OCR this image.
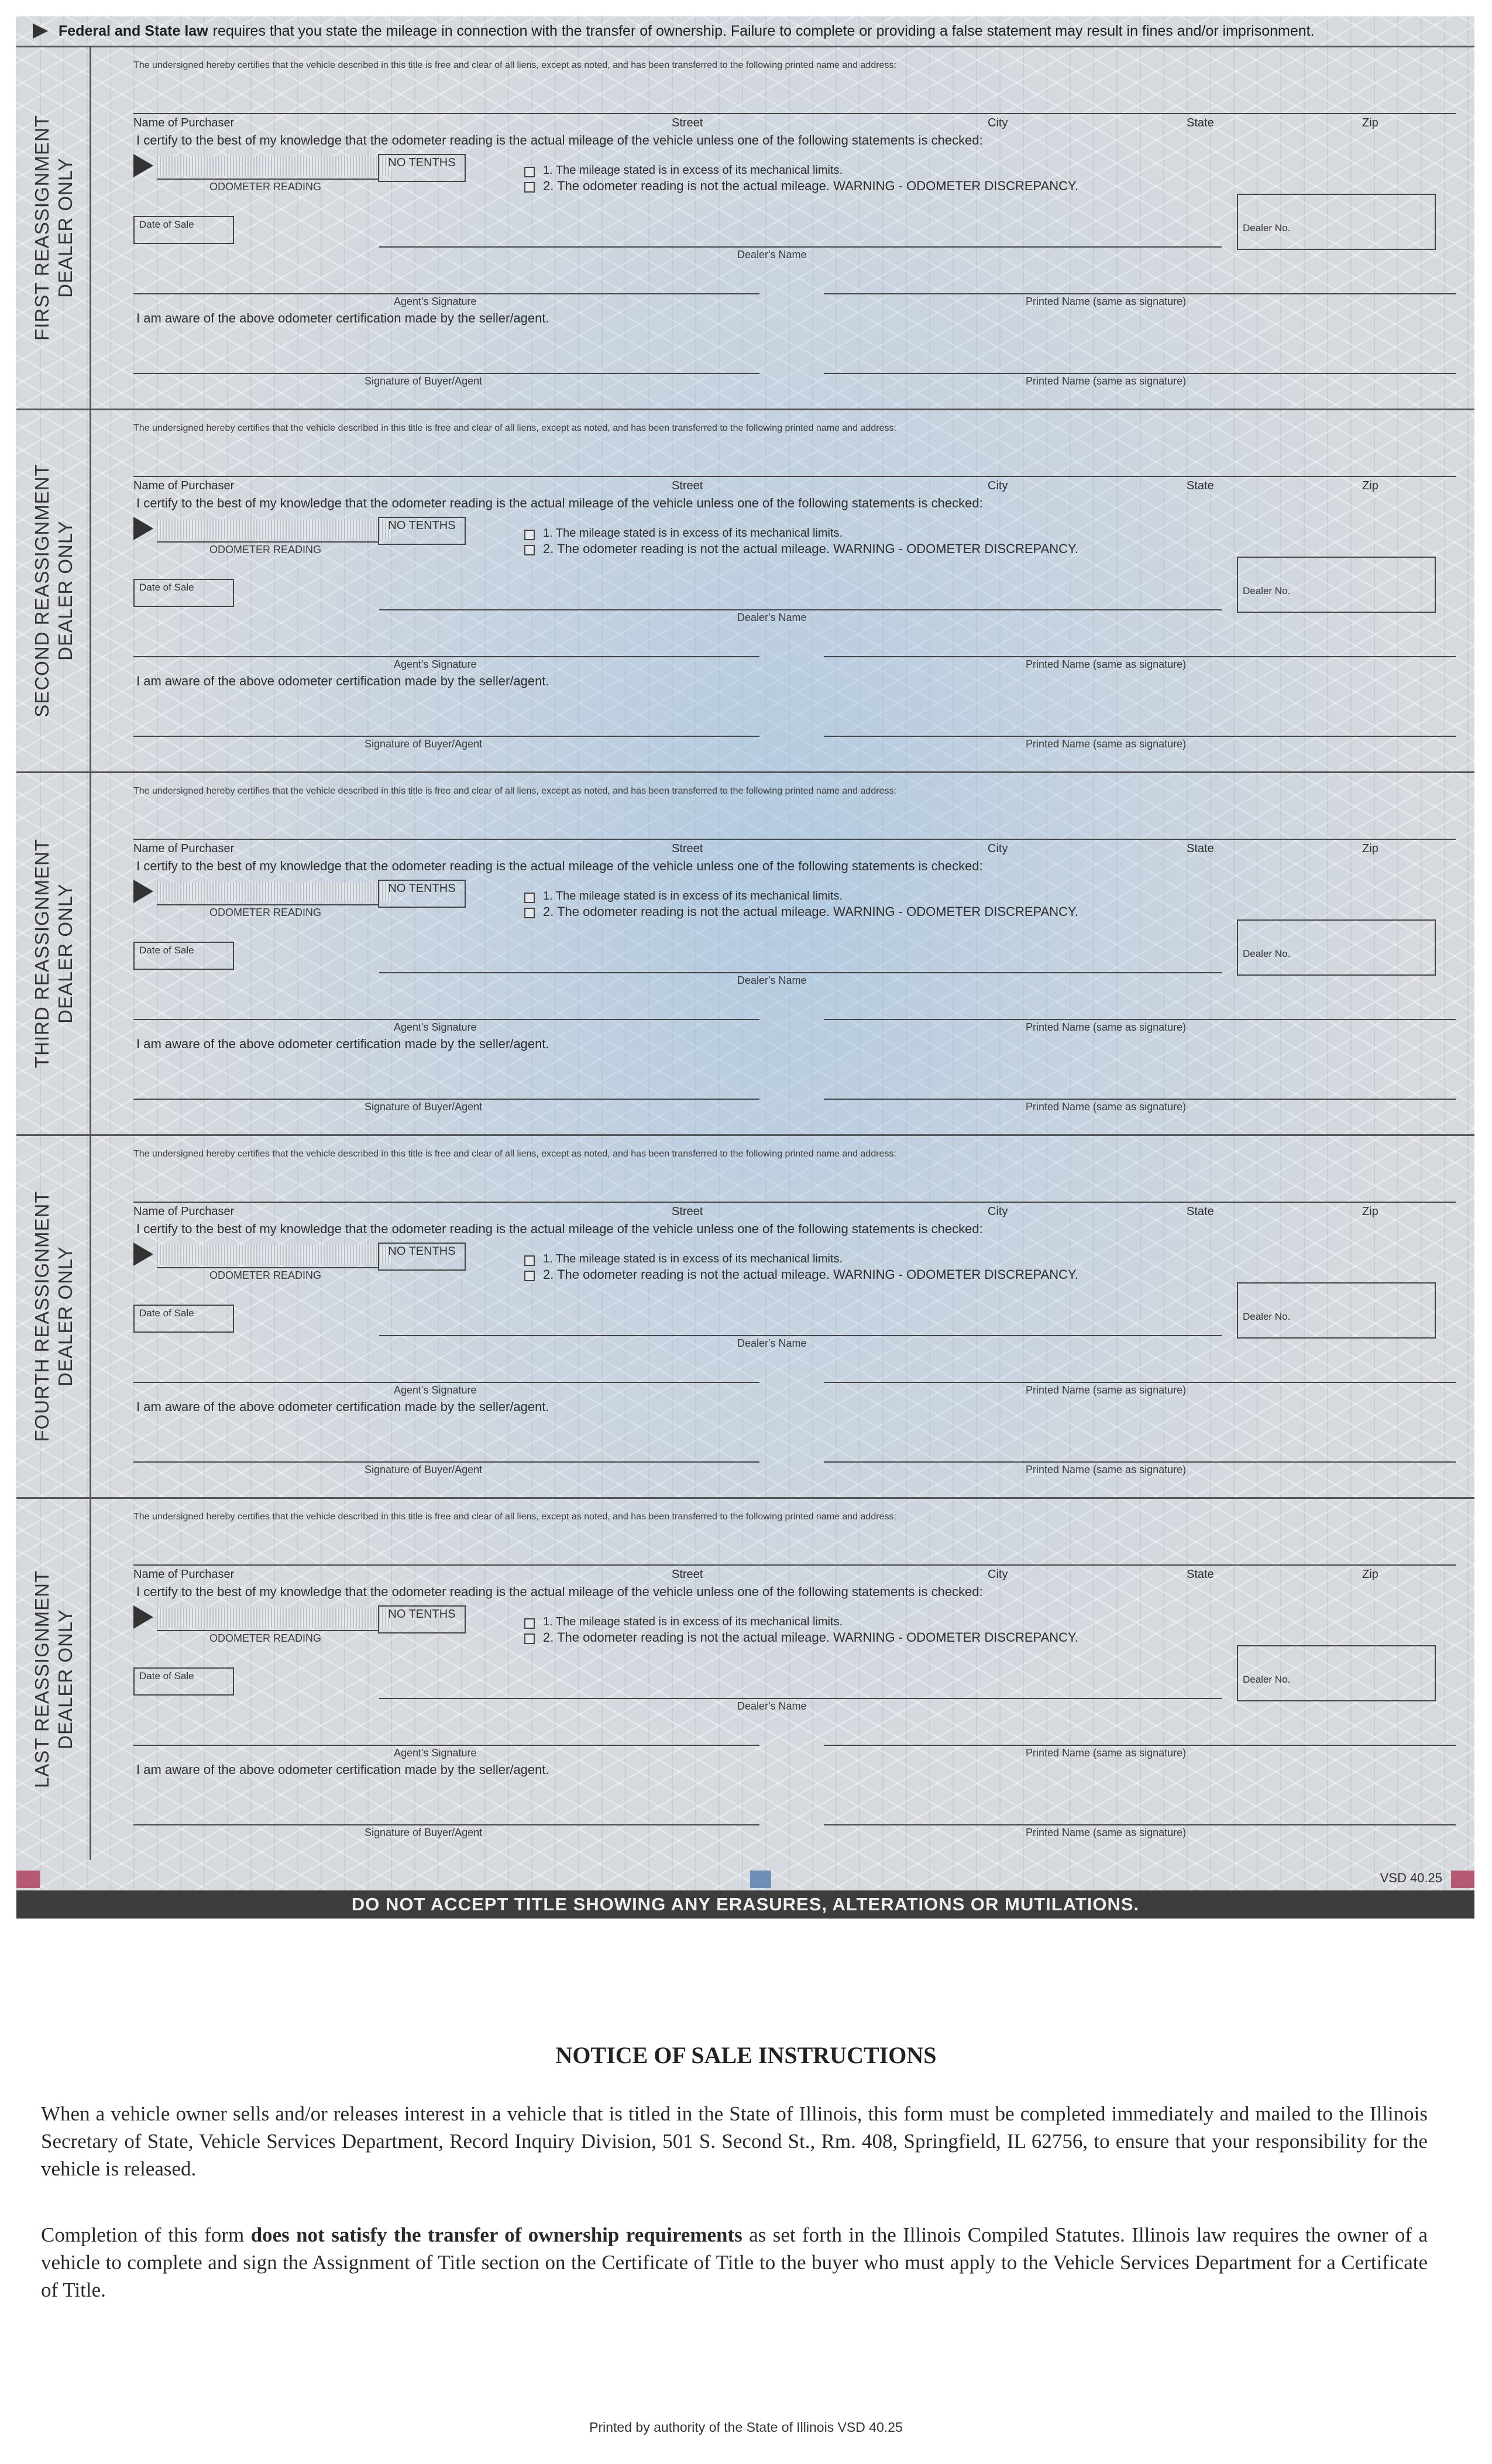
Federal and State law requires that you state the mileage in connection with the transfer of ownership. Failure to complete or providing a false statement may result in fines and/or imprisonment.
FIRST REASSIGNMENT DEALER ONLY
The undersigned hereby certifies that the vehicle described in this title is free and clear of all liens, except as noted, and has been transferred to the following printed name and address:
Name of Purchaser	Street	City	State	Zip
I certify to the best of my knowledge that the odometer reading is the actual mileage of the vehicle unless one of the following statements is checked:
NO TENTHS
ODOMETER READING
1. The mileage stated is in excess of its mechanical limits.
2. The odometer reading is not the actual mileage. WARNING - ODOMETER DISCREPANCY.
Date of Sale
Dealer's Name
Dealer No.
Agent's Signature	Printed Name (same as signature)
I am aware of the above odometer certification made by the seller/agent.
Signature of Buyer/Agent	Printed Name (same as signature)
SECOND REASSIGNMENT DEALER ONLY
The undersigned hereby certifies that the vehicle described in this title is free and clear of all liens, except as noted, and has been transferred to the following printed name and address:
Name of Purchaser	Street	City	State	Zip
I certify to the best of my knowledge that the odometer reading is the actual mileage of the vehicle unless one of the following statements is checked:
NO TENTHS
ODOMETER READING
1. The mileage stated is in excess of its mechanical limits.
2. The odometer reading is not the actual mileage. WARNING - ODOMETER DISCREPANCY.
Date of Sale
Dealer's Name
Dealer No.
Agent's Signature	Printed Name (same as signature)
I am aware of the above odometer certification made by the seller/agent.
Signature of Buyer/Agent	Printed Name (same as signature)
THIRD REASSIGNMENT DEALER ONLY
The undersigned hereby certifies that the vehicle described in this title is free and clear of all liens, except as noted, and has been transferred to the following printed name and address:
Name of Purchaser	Street	City	State	Zip
I certify to the best of my knowledge that the odometer reading is the actual mileage of the vehicle unless one of the following statements is checked:
NO TENTHS
ODOMETER READING
1. The mileage stated is in excess of its mechanical limits.
2. The odometer reading is not the actual mileage. WARNING - ODOMETER DISCREPANCY.
Date of Sale
Dealer's Name
Dealer No.
Agent's Signature	Printed Name (same as signature)
I am aware of the above odometer certification made by the seller/agent.
Signature of Buyer/Agent	Printed Name (same as signature)
FOURTH REASSIGNMENT DEALER ONLY
The undersigned hereby certifies that the vehicle described in this title is free and clear of all liens, except as noted, and has been transferred to the following printed name and address:
Name of Purchaser	Street	City	State	Zip
I certify to the best of my knowledge that the odometer reading is the actual mileage of the vehicle unless one of the following statements is checked:
NO TENTHS
ODOMETER READING
1. The mileage stated is in excess of its mechanical limits.
2. The odometer reading is not the actual mileage. WARNING - ODOMETER DISCREPANCY.
Date of Sale
Dealer's Name
Dealer No.
Agent's Signature	Printed Name (same as signature)
I am aware of the above odometer certification made by the seller/agent.
Signature of Buyer/Agent	Printed Name (same as signature)
LAST REASSIGNMENT DEALER ONLY
The undersigned hereby certifies that the vehicle described in this title is free and clear of all liens, except as noted, and has been transferred to the following printed name and address:
Name of Purchaser	Street	City	State	Zip
I certify to the best of my knowledge that the odometer reading is the actual mileage of the vehicle unless one of the following statements is checked:
NO TENTHS
ODOMETER READING
1. The mileage stated is in excess of its mechanical limits.
2. The odometer reading is not the actual mileage. WARNING - ODOMETER DISCREPANCY.
Date of Sale
Dealer's Name
Dealer No.
Agent's Signature	Printed Name (same as signature)
I am aware of the above odometer certification made by the seller/agent.
Signature of Buyer/Agent	Printed Name (same as signature)
VSD 40.25
DO NOT ACCEPT TITLE SHOWING ANY ERASURES, ALTERATIONS OR MUTILATIONS.
NOTICE OF SALE INSTRUCTIONS
When a vehicle owner sells and/or releases interest in a vehicle that is titled in the State of Illinois, this form must be completed immediately and mailed to the Illinois Secretary of State, Vehicle Services Department, Record Inquiry Division, 501 S. Second St., Rm. 408, Springfield, IL 62756, to ensure that your responsibility for the vehicle is released.
Completion of this form does not satisfy the transfer of ownership requirements as set forth in the Illinois Compiled Statutes. Illinois law requires the owner of a vehicle to complete and sign the Assignment of Title section on the Certificate of Title to the buyer who must apply to the Vehicle Services Department for a Certificate of Title.
Printed by authority of the State of Illinois VSD 40.25
